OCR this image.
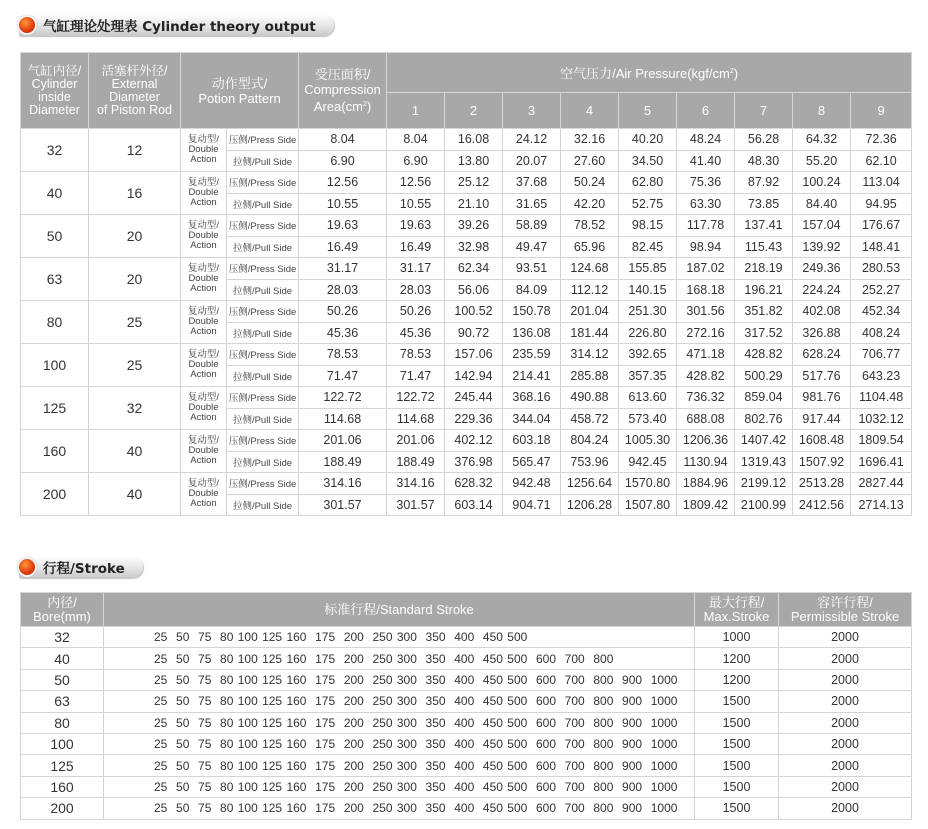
气缸理论处理表 Cylinder theory output
气缸内径/
Cylinder
inside
Diameter

活塞杆外径/
External
Diameter
of Piston Rod

动作型式/
Potion Pattern

受压面积/
Compression
$Area(cm^2)$
	空气压力/Air $Pressure(kgf/cm^2)$
					1	2	3	4	5	6	7	8	9
32	12	复动型/
Double
Action	压侧/Press Side	8.04	8.04	16.08	24.12	32.16	40.20	48.24	56.28	64.32	72.36
			拉侧/Pull Side	6.90	6.90	13.80	20.07	27.60	34.50	41.40	48.30	55.20	62.10
40	16	复动型/
Double
Action	压侧/Press Side	12.56	12.56	25.12	37.68	50.24	62.80	75.36	87.92	100.24	113.04
			拉侧/Pull Side	10.55	10.55	21.10	31.65	42.20	52.75	63.30	73.85	84.40	94.95
50	20	复动型/
Double
Action	压侧/Press Side	19.63	19.63	39.26	58.89	78.52	98.15	117.78	137.41	157.04	176.67
			拉侧/Pull Side	16.49	16.49	32.98	49.47	65.96	82.45	98.94	115.43	139.92	148.41
63	20	复动型/
Double
Action	压侧/Press Side	31.17	31.17	62.34	93.51	124.68	155.85	187.02	218.19	249.36	280.53
			拉侧/Pull Side	28.03	28.03	56.06	84.09	112.12	140.15	168.18	196.21	224.24	252.27
80	25	复动型/
Double
Action	压侧/Press Side	50.26	50.26	100.52	150.78	201.04	251.30	301.56	351.82	402.08	452.34
			拉侧/Pull Side	45.36	45.36	90.72	136.08	181.44	226.80	272.16	317.52	326.88	408.24
100	25	复动型/
Double
Action	压侧/Press Side	78.53	78.53	157.06	235.59	314.12	392.65	471.18	428.82	628.24	706.77
			拉侧/Pull Side	71.47	71.47	142.94	214.41	285.88	357.35	428.82	500.29	517.76	643.23
125	32	复动型/
Double
Action	压侧/Press Side	122.72	122.72	245.44	368.16	490.88	613.60	736.32	859.04	981.76	1104.48
			拉侧/Pull Side	114.68	114.68	229.36	344.04	458.72	573.40	688.08	802.76	917.44	1032.12
160	40	复动型/
Double
Action	压侧/Press Side	201.06	201.06	402.12	603.18	804.24	1005.30	1206.36	1407.42	1608.48	1809.54
			拉侧/Pull Side	188.49	188.49	376.98	565.47	753.96	942.45	1130.94	1319.43	1507.92	1696.41
200	40	复动型/
Double
Action	压侧/Press Side	314.16	314.16	628.32	942.48	1256.64	1570.80	1884.96	2199.12	2513.28	2827.44
			拉侧/Pull Side	301.57	301.57	603.14	904.71	1206.28	1507.80	1809.42	2100.99	2412.56	2714.13
行程/Stroke
内径/
Bore(mm)	标准行程/Standard Stroke	最大行程/
Max.Stroke

容许行程/
Permissible Stroke

32	25  50  75  80 100 125 160  175  200  250 300  350  400  450 500	1000	2000
40	25  50  75  80 100 125 160  175  200  250 300  350  400  450 500  600  700  800	1200	2000
50	25  50  75  80 100 125 160  175  200  250 300  350  400  450 500  600  700  800  900  1000	1200	2000
63	25  50  75  80 100 125 160  175  200  250 300  350  400  450 500  600  700  800  900  1000	1500	2000
80	25  50  75  80 100 125 160  175  200  250 300  350  400  450 500  600  700  800  900  1000	1500	2000
100	25  50  75  80 100 125 160  175  200  250 300  350  400  450 500  600  700  800  900  1000	1500	2000
125	25  50  75  80 100 125 160  175  200  250 300  350  400  450 500  600  700  800  900  1000	1500	2000
160	25  50  75  80 100 125 160  175  200  250 300  350  400  450 500  600  700  800  900  1000	1500	2000
200	25  50  75  80 100 125 160  175  200  250 300  350  400  450 500  600  700  800  900  1000	1500	2000
